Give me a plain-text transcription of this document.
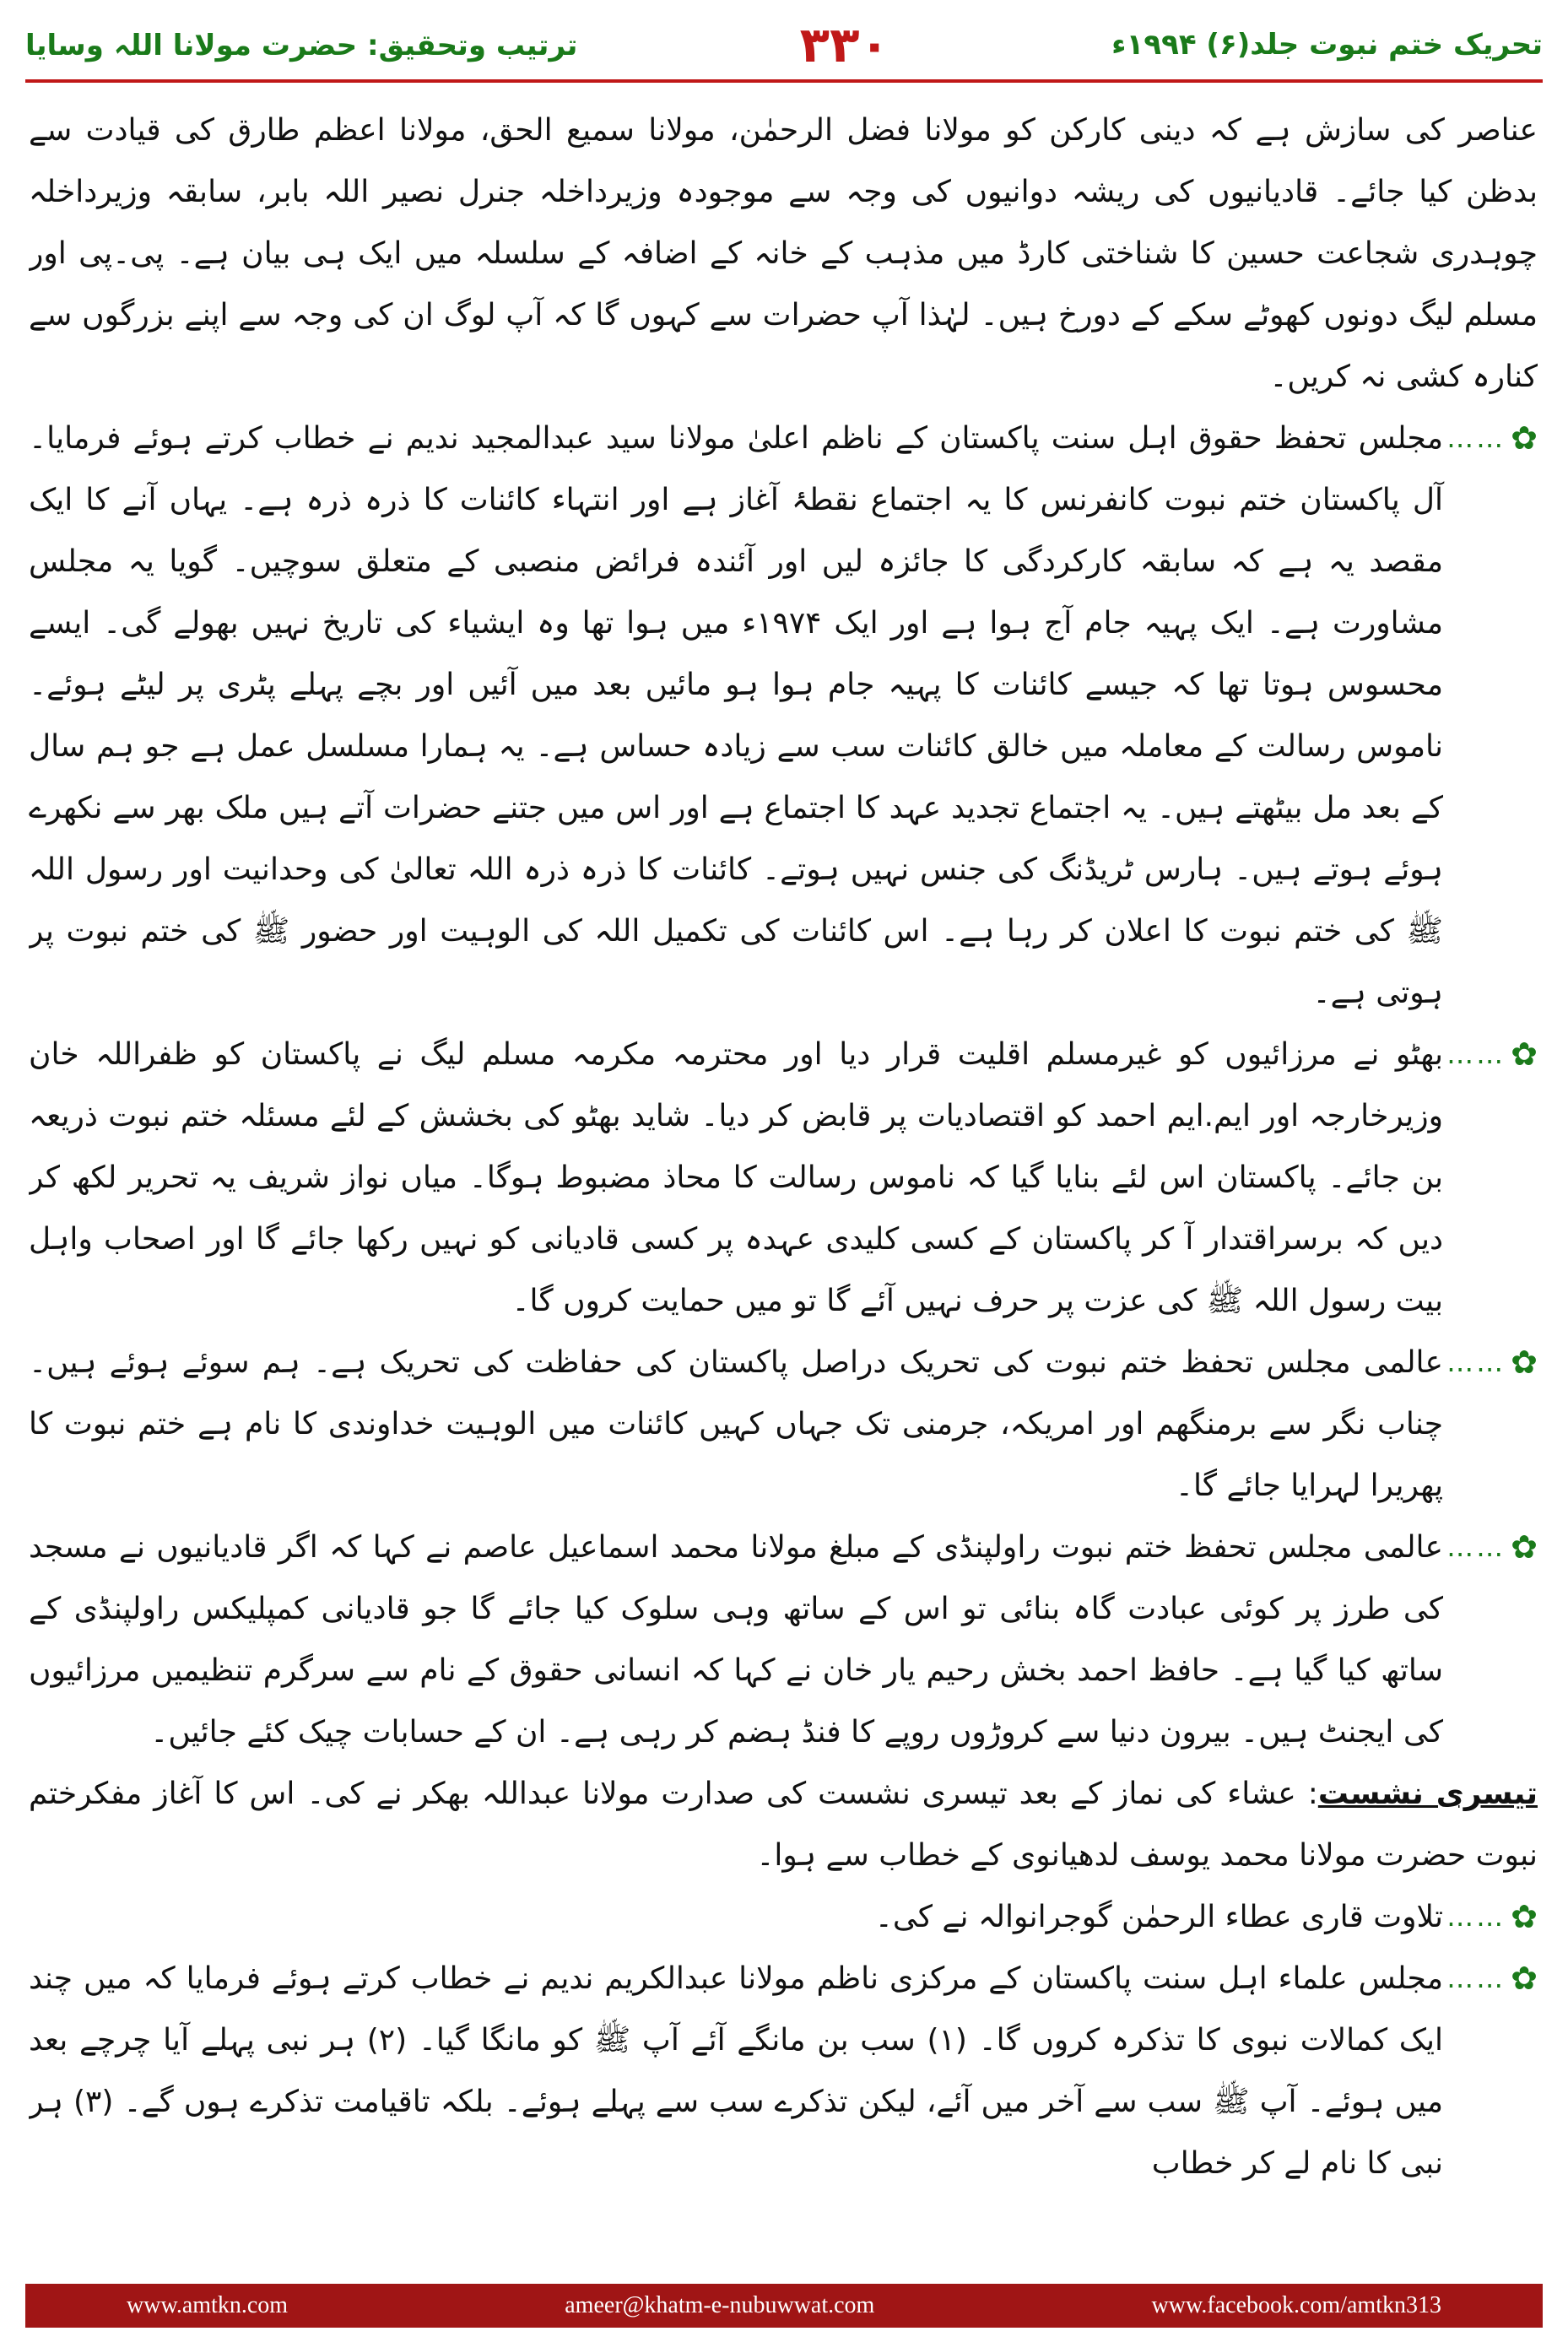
ترتیب وتحقیق: حضرت مولانا اللہ وسایا	۳۳۰	تحریک ختم نبوت جلد(۶) ۱۹۹۴ء

عناصر کی سازش ہے کہ دینی کارکن کو مولانا فضل الرحمٰن، مولانا سمیع الحق، مولانا اعظم طارق کی قیادت سے بدظن کیا جائے۔ قادیانیوں کی ریشہ دوانیوں کی وجہ سے موجودہ وزیرداخلہ جنرل نصیر اللہ بابر، سابقہ وزیرداخلہ چوہدری شجاعت حسین کا شناختی کارڈ میں مذہب کے خانہ کے اضافہ کے سلسلہ میں ایک ہی بیان ہے۔ پی۔پی اور مسلم لیگ دونوں کھوٹے سکے کے دورخ ہیں۔ لہٰذا آپ حضرات سے کہوں گا کہ آپ لوگ ان کی وجہ سے اپنے بزرگوں سے کنارہ کشی نہ کریں۔

✿
……

مجلس تحفظ حقوق اہل سنت پاکستان کے ناظم اعلیٰ مولانا سید عبدالمجید ندیم نے خطاب کرتے ہوئے فرمایا۔ آل پاکستان ختم نبوت کانفرنس کا یہ اجتماع نقطۂ آغاز ہے اور انتہاء کائنات کا ذرہ ذرہ ہے۔ یہاں آنے کا ایک مقصد یہ ہے کہ سابقہ کارکردگی کا جائزہ لیں اور آئندہ فرائض منصبی کے متعلق سوچیں۔ گویا یہ مجلس مشاورت ہے۔ ایک پہیہ جام آج ہوا ہے اور ایک ۱۹۷۴ء میں ہوا تھا وہ ایشیاء کی تاریخ نہیں بھولے گی۔ ایسے محسوس ہوتا تھا کہ جیسے کائنات کا پہیہ جام ہوا ہو مائیں بعد میں آئیں اور بچے پہلے پٹری پر لیٹے ہوئے۔ ناموس رسالت کے معاملہ میں خالق کائنات سب سے زیادہ حساس ہے۔ یہ ہمارا مسلسل عمل ہے جو ہم سال کے بعد مل بیٹھتے ہیں۔ یہ اجتماع تجدید عہد کا اجتماع ہے اور اس میں جتنے حضرات آتے ہیں ملک بھر سے نکھرے ہوئے ہوتے ہیں۔ ہارس ٹریڈنگ کی جنس نہیں ہوتے۔ کائنات کا ذرہ ذرہ اللہ تعالیٰ کی وحدانیت اور رسول اللہ ﷺ کی ختم نبوت کا اعلان کر رہا ہے۔ اس کائنات کی تکمیل اللہ کی الوہیت اور حضور ﷺ کی ختم نبوت پر ہوتی ہے۔

✿
……

بھٹو نے مرزائیوں کو غیرمسلم اقلیت قرار دیا اور محترمہ مکرمہ مسلم لیگ نے پاکستان کو ظفراللہ خان وزیرخارجہ اور ایم.ایم احمد کو اقتصادیات پر قابض کر دیا۔ شاید بھٹو کی بخشش کے لئے مسئلہ ختم نبوت ذریعہ بن جائے۔ پاکستان اس لئے بنایا گیا کہ ناموس رسالت کا محاذ مضبوط ہوگا۔ میاں نواز شریف یہ تحریر لکھ کر دیں کہ برسراقتدار آ کر پاکستان کے کسی کلیدی عہدہ پر کسی قادیانی کو نہیں رکھا جائے گا اور اصحاب واہل بیت رسول اللہ ﷺ کی عزت پر حرف نہیں آئے گا تو میں حمایت کروں گا۔

✿
……

عالمی مجلس تحفظ ختم نبوت کی تحریک دراصل پاکستان کی حفاظت کی تحریک ہے۔ ہم سوئے ہوئے ہیں۔ چناب نگر سے برمنگھم اور امریکہ، جرمنی تک جہاں کہیں کائنات میں الوہیت خداوندی کا نام ہے ختم نبوت کا پھریرا لہرایا جائے گا۔

✿
……

عالمی مجلس تحفظ ختم نبوت راولپنڈی کے مبلغ مولانا محمد اسماعیل عاصم نے کہا کہ اگر قادیانیوں نے مسجد کی طرز پر کوئی عبادت گاہ بنائی تو اس کے ساتھ وہی سلوک کیا جائے گا جو قادیانی کمپلیکس راولپنڈی کے ساتھ کیا گیا ہے۔ حافظ احمد بخش رحیم یار خان نے کہا کہ انسانی حقوق کے نام سے سرگرم تنظیمیں مرزائیوں کی ایجنٹ ہیں۔ بیرون دنیا سے کروڑوں روپے کا فنڈ ہضم کر رہی ہے۔ ان کے حسابات چیک کئے جائیں۔

تیسری نشست: عشاء کی نماز کے بعد تیسری نشست کی صدارت مولانا عبداللہ بھکر نے کی۔ اس کا آغاز مفکرختم نبوت حضرت مولانا محمد یوسف لدھیانوی کے خطاب سے ہوا۔

✿
……

تلاوت قاری عطاء الرحمٰن گوجرانوالہ نے کی۔

✿
……

مجلس علماء اہل سنت پاکستان کے مرکزی ناظم مولانا عبدالکریم ندیم نے خطاب کرتے ہوئے فرمایا کہ میں چند ایک کمالات نبوی کا تذکرہ کروں گا۔ (۱) سب بن مانگے آئے آپ ﷺ کو مانگا گیا۔ (۲) ہر نبی پہلے آیا چرچے بعد میں ہوئے۔ آپ ﷺ سب سے آخر میں آئے، لیکن تذکرے سب سے پہلے ہوئے۔ بلکہ تاقیامت تذکرے ہوں گے۔ (۳) ہر نبی کا نام لے کر خطاب

www.amtkn.com	ameer@khatm-e-nubuwwat.com	www.facebook.com/amtkn313
